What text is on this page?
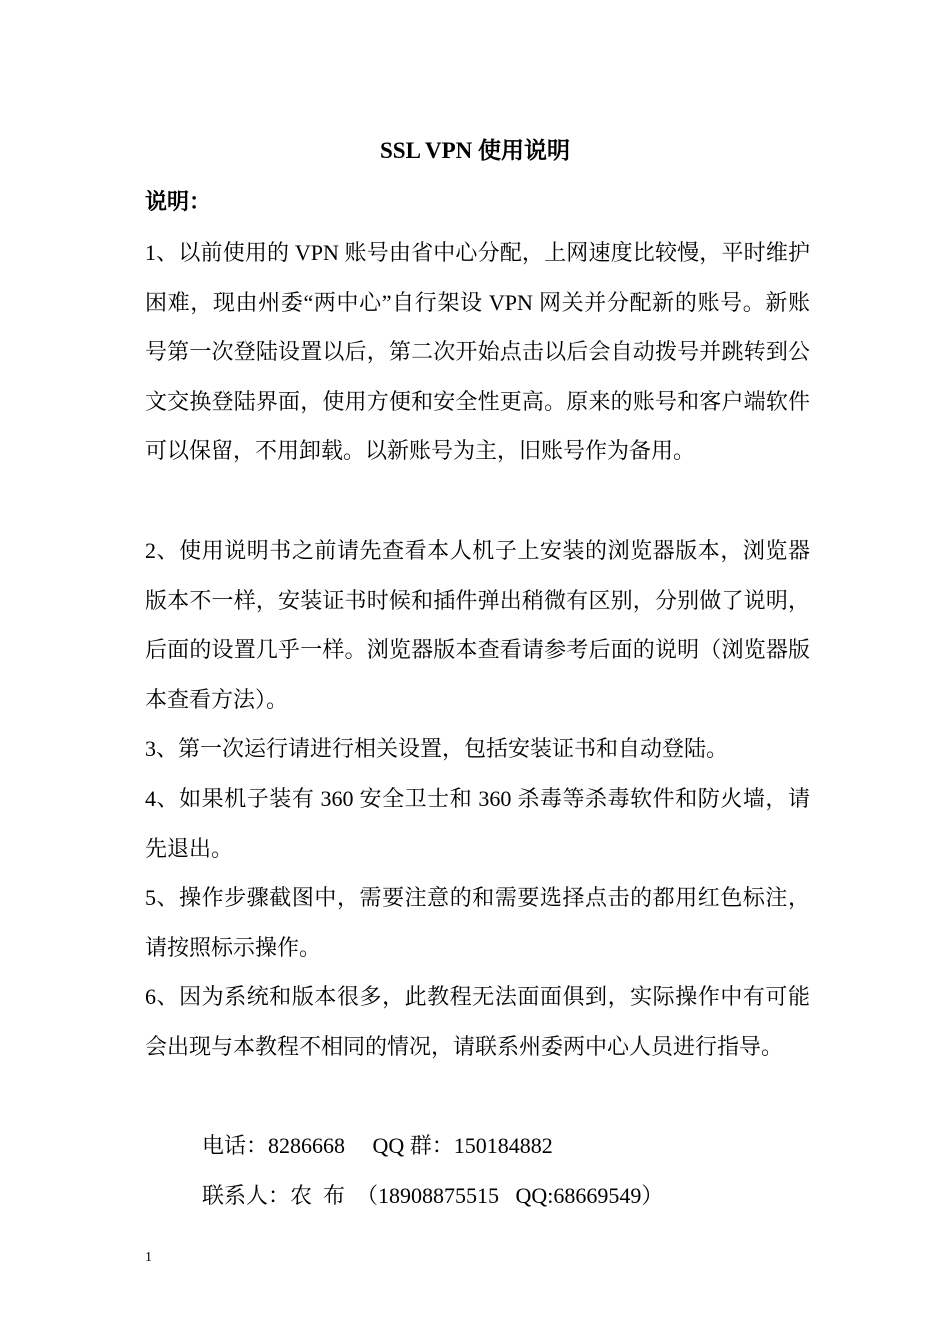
SSL VPN 使用说明
说明：

1、以前使用的 VPN 账号由省中心分配，上网速度比较慢，平时维护困难，现由州委“两中心”自行架设 VPN 网关并分配新的账号。新账号第一次登陆设置以后，第二次开始点击以后会自动拨号并跳转到公文交换登陆界面，使用方便和安全性更高。原来的账号和客户端软件可以保留，不用卸载。以新账号为主，旧账号作为备用。

2、使用说明书之前请先查看本人机子上安装的浏览器版本，浏览器版本不一样，安装证书时候和插件弹出稍微有区别，分别做了说明，后面的设置几乎一样。浏览器版本查看请参考后面的说明（浏览器版本查看方法）。

3、第一次运行请进行相关设置，包括安装证书和自动登陆。

4、如果机子装有 360 安全卫士和 360 杀毒等杀毒软件和防火墙，请先退出。

5、操作步骤截图中，需要注意的和需要选择点击的都用红色标注，请按照标示操作。

6、因为系统和版本很多，此教程无法面面俱到，实际操作中有可能会出现与本教程不相同的情况，请联系州委两中心人员进行指导。

电话：8286668     QQ 群：150184882
联系人：农  布  （18908875515   QQ:68669549）
1
